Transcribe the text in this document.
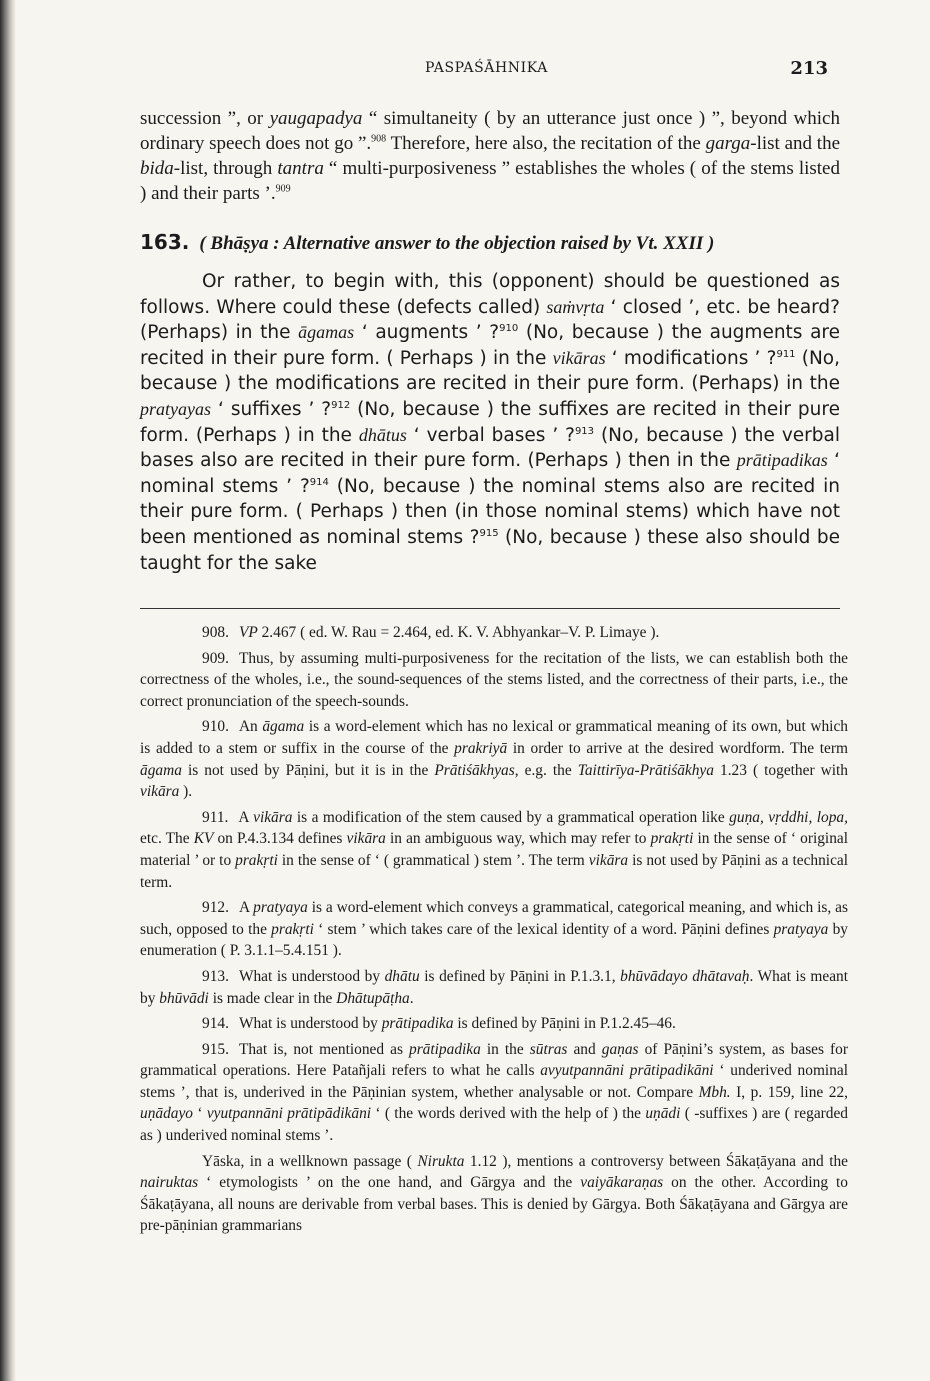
PASPAŚĀHNIKA	213

succession ”, or yaugapadya “ simultaneity ( by an utterance just once ) ”, beyond which ordinary speech does not go ”.$^{908}$ Therefore, here also, the recitation of the garga-list and the bida-list, through tantra “ multi-purposiveness ” establishes the wholes ( of the stems listed ) and their parts ’.$^{909}$

163. ( Bhāṣya : Alternative answer to the objection raised by Vt. XXII )

Or rather, to begin with, this (opponent) should be questioned as follows. Where could these (defects called) saṁvṛta ‘ closed ’, etc. be heard? (Perhaps) in the āgamas ‘ augments ’ ?$^{910}$ (No, because ) the augments are recited in their pure form. ( Perhaps ) in the vikāras ‘ modifications ’ ?$^{911}$ (No, because ) the modifications are recited in their pure form. (Perhaps) in the pratyayas ‘ suffixes ’ ?$^{912}$ (No, because ) the suffixes are recited in their pure form. (Perhaps ) in the dhātus ‘ verbal bases ’ ?$^{913}$ (No, because ) the verbal bases also are recited in their pure form. (Perhaps ) then in the prātipadikas ‘ nominal stems ’ ?$^{914}$ (No, because ) the nominal stems also are recited in their pure form. ( Perhaps ) then (in those nominal stems) which have not been mentioned as nominal stems ?$^{915}$ (No, because ) these also should be taught for the sake

908. VP 2.467 ( ed. W. Rau = 2.464, ed. K. V. Abhyankar–V. P. Limaye ).

909. Thus, by assuming multi-purposiveness for the recitation of the lists, we can establish both the correctness of the wholes, i.e., the sound-sequences of the stems listed, and the correctness of their parts, i.e., the correct pronunciation of the speech-sounds.

910. An āgama is a word-element which has no lexical or grammatical meaning of its own, but which is added to a stem or suffix in the course of the prakriyā in order to arrive at the desired wordform. The term āgama is not used by Pāṇini, but it is in the Prātiśākhyas, e.g. the Taittirīya-Prātiśākhya 1.23 ( together with vikāra ).

911. A vikāra is a modification of the stem caused by a grammatical operation like guṇa, vṛddhi, lopa, etc. The KV on P.4.3.134 defines vikāra in an ambiguous way, which may refer to prakṛti in the sense of ‘ original material ’ or to prakṛti in the sense of ‘ ( grammatical ) stem ’. The term vikāra is not used by Pāṇini as a technical term.

912. A pratyaya is a word-element which conveys a grammatical, categorical meaning, and which is, as such, opposed to the prakṛti ‘ stem ’ which takes care of the lexical identity of a word. Pāṇini defines pratyaya by enumeration ( P. 3.1.1–5.4.151 ).

913. What is understood by dhātu is defined by Pāṇini in P.1.3.1, bhūvādayo dhātavaḥ. What is meant by bhūvādi is made clear in the Dhātupāṭha.

914. What is understood by prātipadika is defined by Pāṇini in P.1.2.45–46.

915. That is, not mentioned as prātipadika in the sūtras and gaṇas of Pāṇini’s system, as bases for grammatical operations. Here Patañjali refers to what he calls avyutpannāni prātipadikāni ‘ underived nominal stems ’, that is, underived in the Pāṇinian system, whether analysable or not. Compare Mbh. I, p. 159, line 22, uṇādayo ‘ vyutpannāni prātipādikāni ‘ ( the words derived with the help of ) the uṇādi ( -suffixes ) are ( regarded as ) underived nominal stems ’.

Yāska, in a wellknown passage ( Nirukta 1.12 ), mentions a controversy between Śākaṭāyana and the nairuktas ‘ etymologists ’ on the one hand, and Gārgya and the vaiyākaraṇas on the other. According to Śākaṭāyana, all nouns are derivable from verbal bases. This is denied by Gārgya. Both Śākaṭāyana and Gārgya are pre-pāṇinian grammarians
